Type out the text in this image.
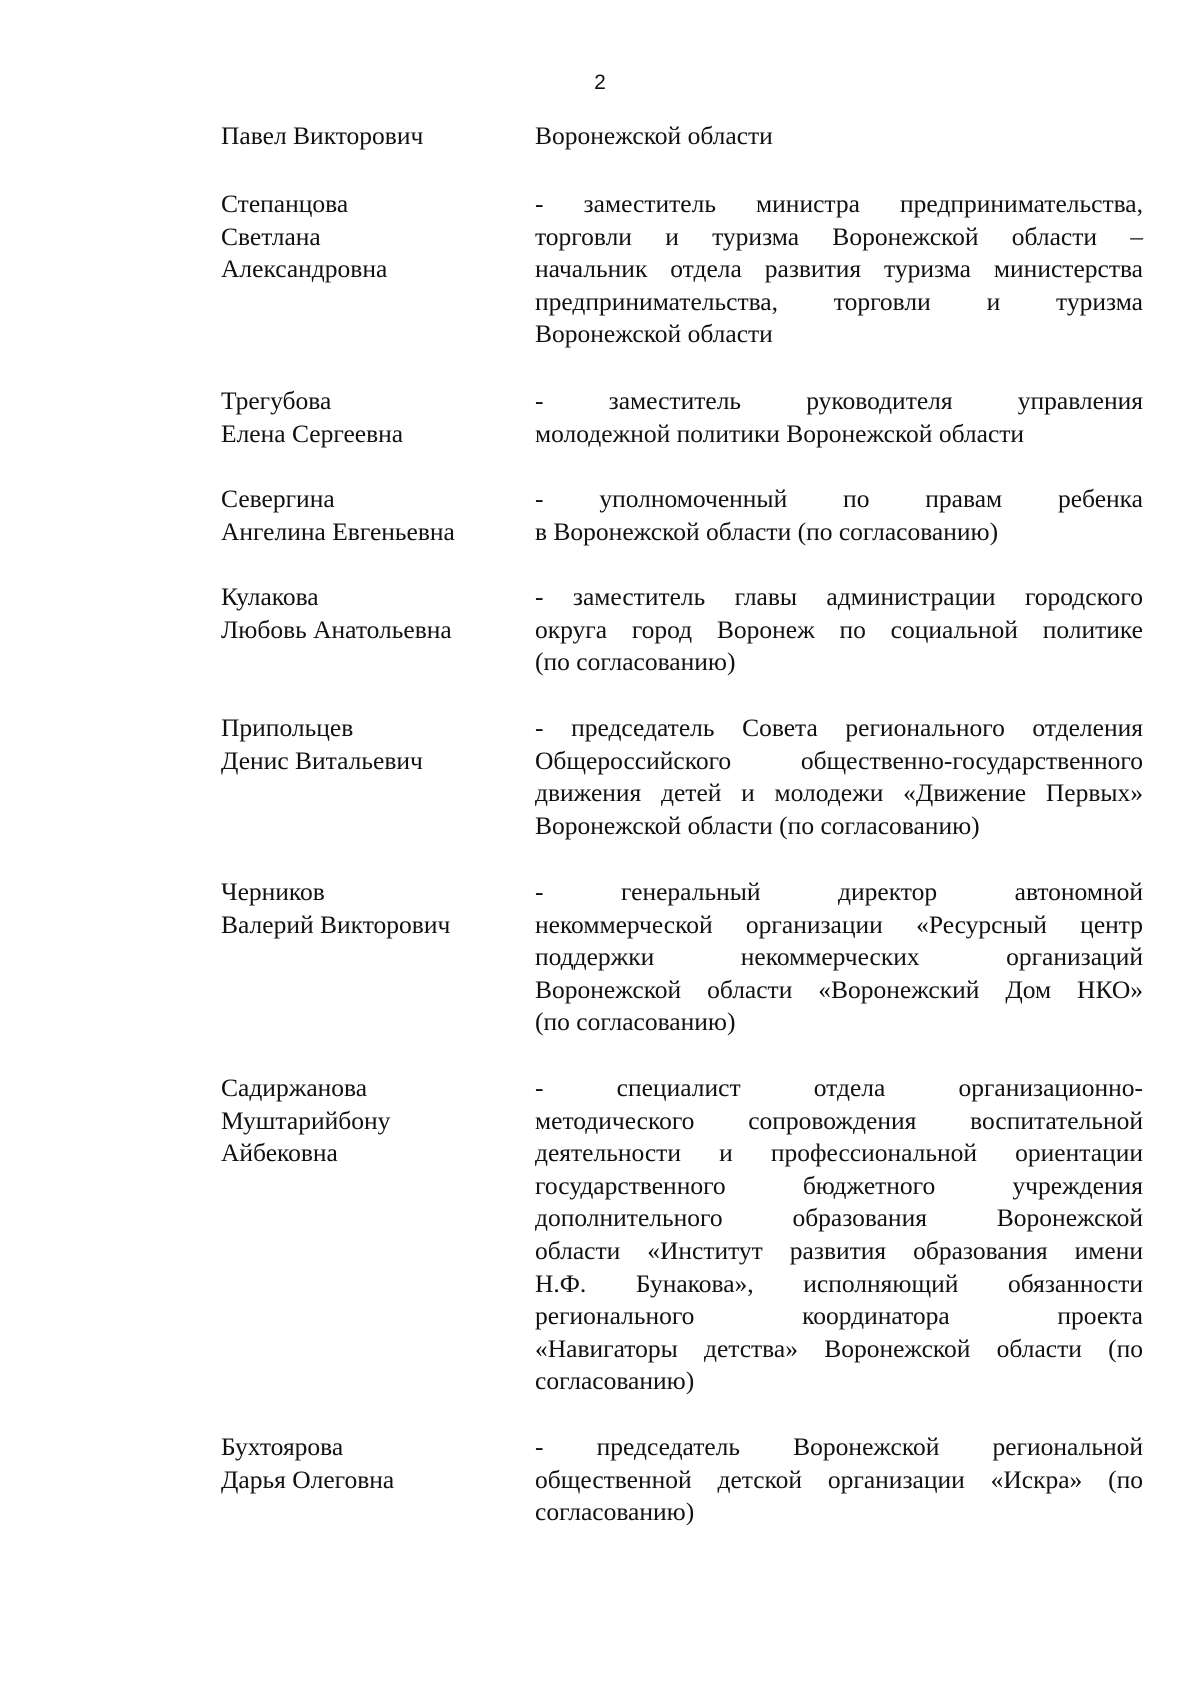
2
Павел Викторович	Воронежской области
Степанцова
Светлана
Александровна
- заместитель министра предпринимательства,
торговли и туризма Воронежской области –
начальник отдела развития туризма министерства
предпринимательства, торговли и туризма
Воронежской области
Трегубова
Елена Сергеевна
- заместитель руководителя управления
молодежной политики Воронежской области
Севергина
Ангелина Евгеньевна
- уполномоченный по правам ребенка
в Воронежской области (по согласованию)
Кулакова
Любовь Анатольевна
- заместитель главы администрации городского
округа город Воронеж по социальной политике
(по согласованию)
Припольцев
Денис Витальевич
- председатель Совета регионального отделения
Общероссийского общественно-государственного
движения детей и молодежи «Движение Первых»
Воронежской области (по согласованию)
Черников
Валерий Викторович
- генеральный директор автономной
некоммерческой организации «Ресурсный центр
поддержки некоммерческих организаций
Воронежской области «Воронежский Дом НКО»
(по согласованию)
Садиржанова
Муштарийбону
Айбековна
- специалист отдела организационно-
методического сопровождения воспитательной
деятельности и профессиональной ориентации
государственного бюджетного учреждения
дополнительного образования Воронежской
области «Институт развития образования имени
Н.Ф. Бунакова», исполняющий обязанности
регионального координатора проекта
«Навигаторы детства» Воронежской области (по
согласованию)
Бухтоярова
Дарья Олеговна
- председатель Воронежской региональной
общественной детской организации «Искра» (по
согласованию)
